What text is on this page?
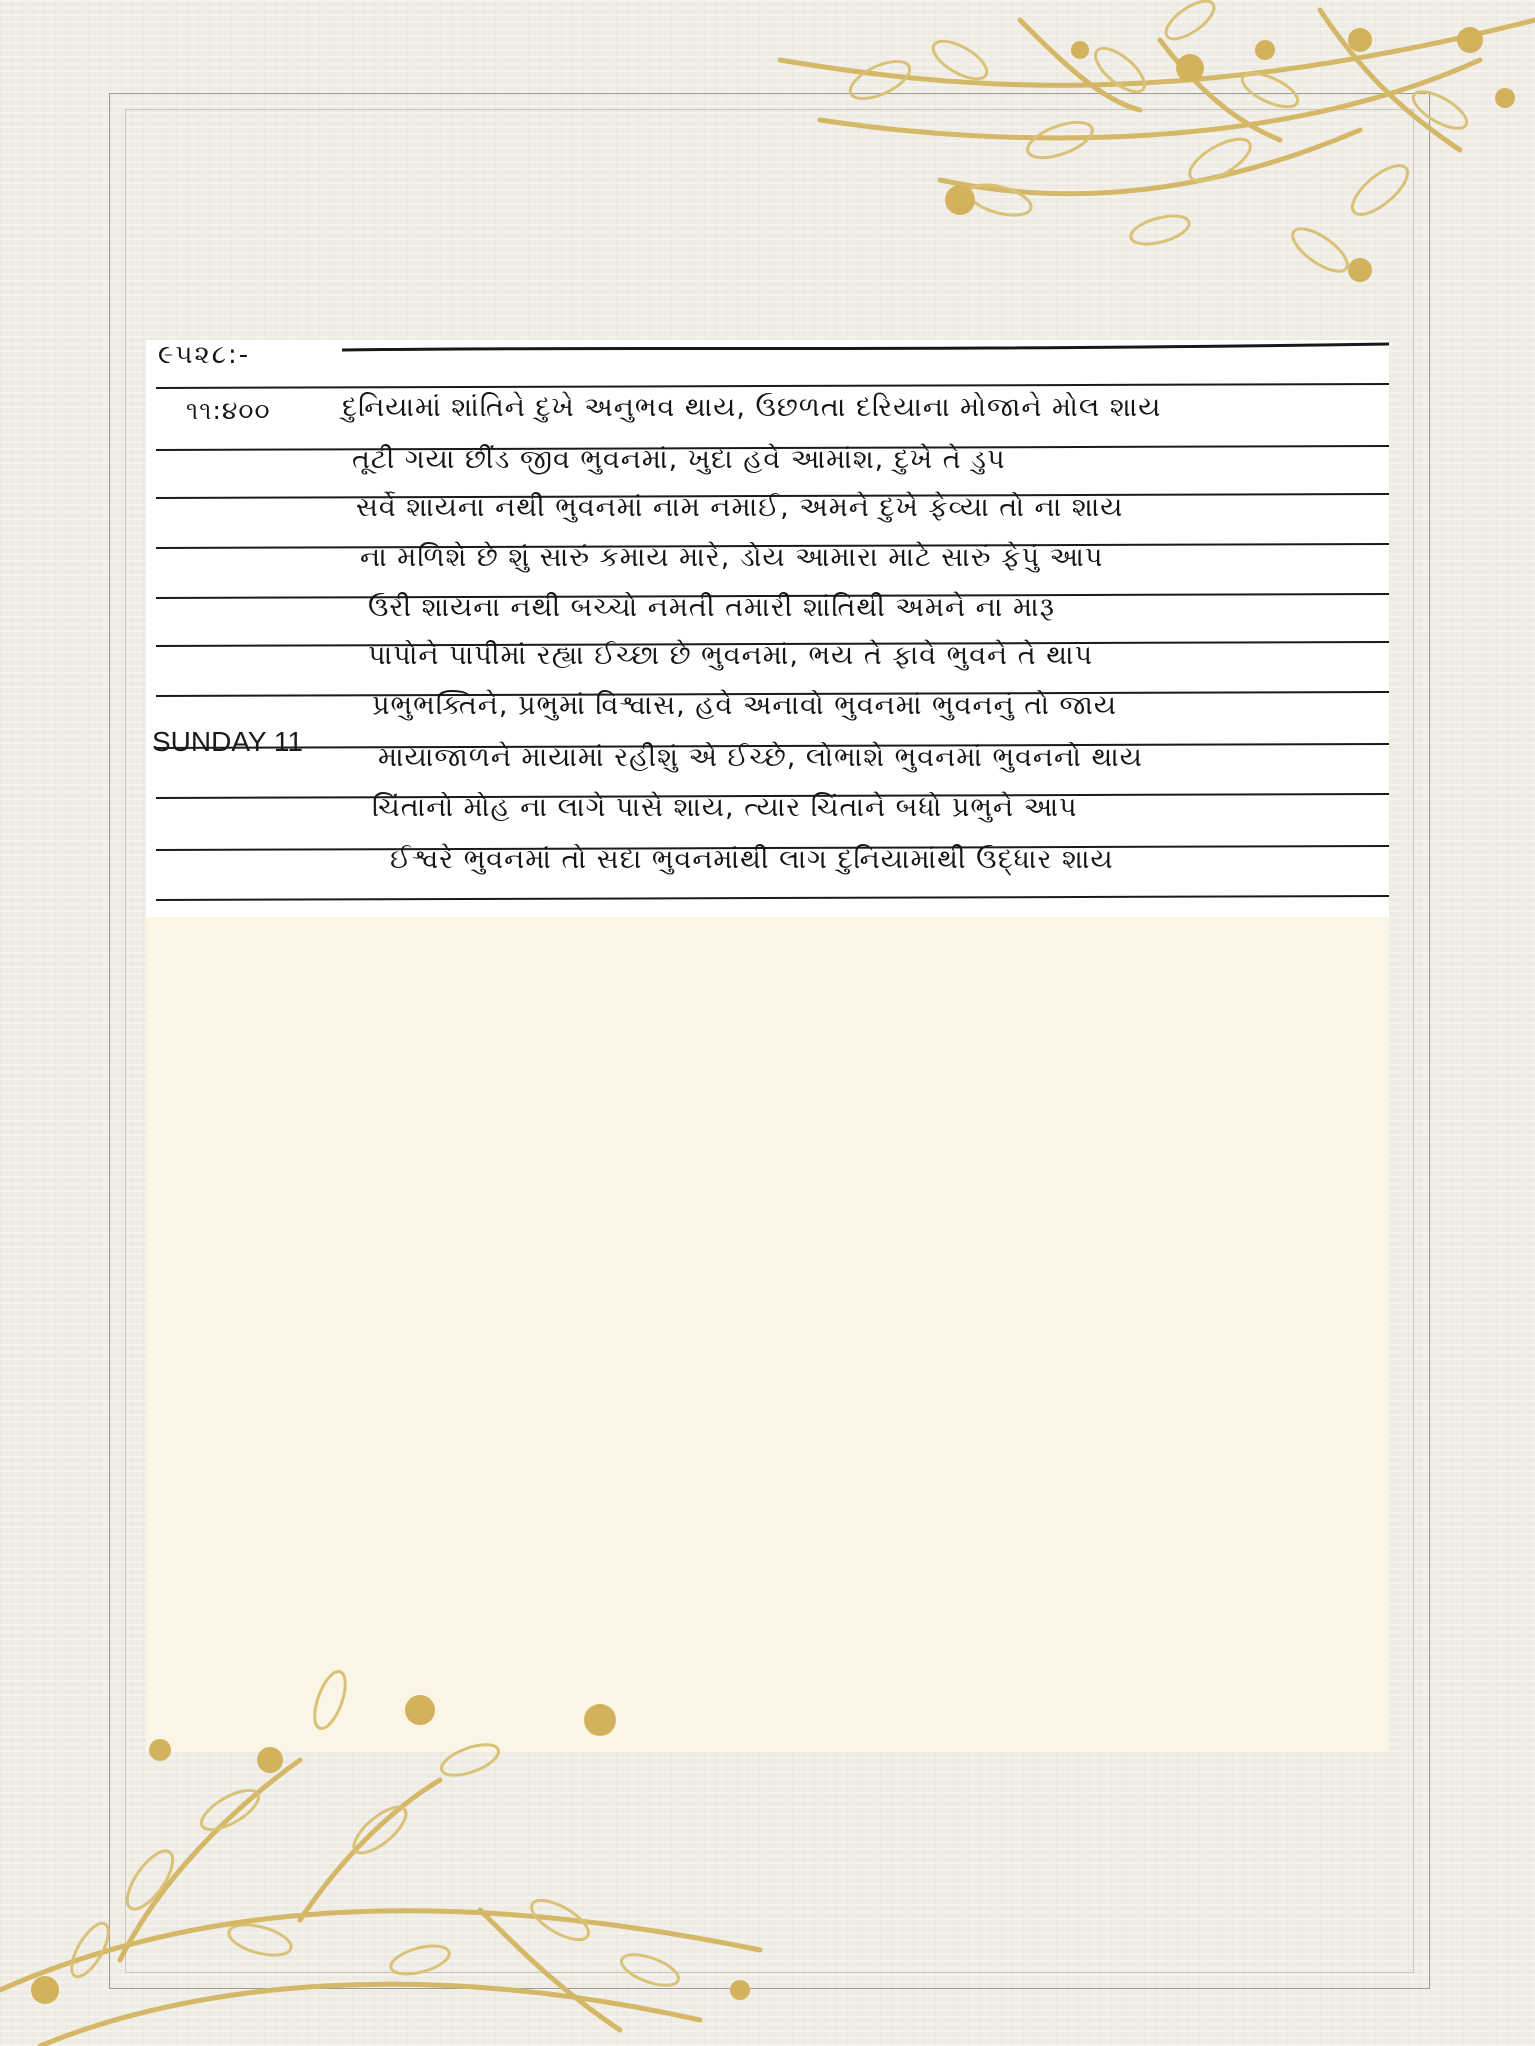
૯૫૨૮:-
૧૧:૪૦૦
SUNDAY 11
દુનિયામાં શાંતિને દુખે અનુભવ થાય, ઉછળતા દરિયાના મોજાને મોલ શાય
તૂટી ગયા છીંડ જીવ ભુવનમાં, ખુદા હવે આમાંશ, દુખે તે ડુપ
સર્વે શાયના નથી ભુવનમાં નામ નમાઈ, અમને દુખે ફેવ્યા તો ના શાય
ના મળિશે છે શું સારું કમાય મારે, ડોય આમારા માટે સારું ફેપું આપ
ઉરી શાયના નથી બચ્ચો નમતી તમારી શાંતિથી અમને ના મારૂ
પાપોને પાપીમાં રહ્યા ઈચ્છા છે ભુવનમાં, ભય તે ફાવે ભુવને તે થાપ
પ્રભુભક્તિને, પ્રભુમાં વિશ્વાસ, હવે અનાવો ભુવનમાં ભુવનનું તો જાય
માયાજાળને માયામાં રહીશું એ ઈચ્છે, લોભાશે ભુવનમાં ભુવનનો થાય
ચિંતાનો મોહ ના લાગે પાસે શાય, ત્યાર ચિંતાને બધો પ્રભુને આપ
ઈશ્વરે ભુવનમાં તો સદા ભુવનમાંથી લાગ દુનિયામાંથી ઉદ્ધાર શાય
